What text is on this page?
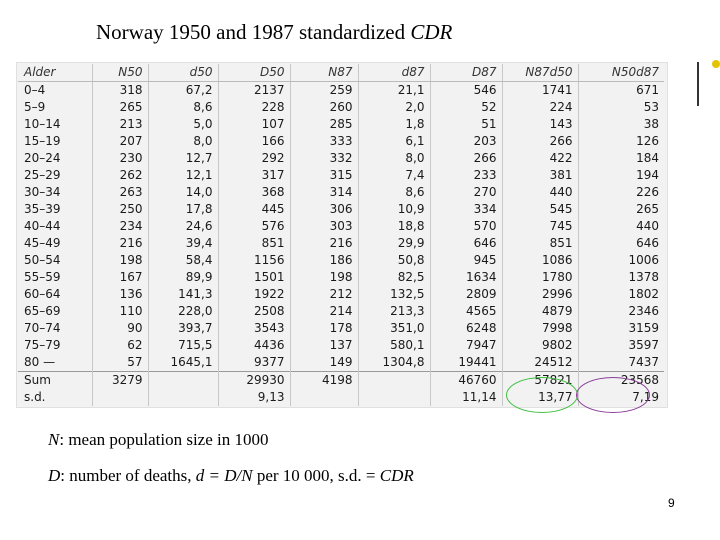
Norway 1950 and 1987 standardized CDR
Alder	N50	d50	D50	N87	d87	D87	N87d50	N50d87
0–4	318	67,2	2137	259	21,1	546	1741	671
5–9	265	8,6	228	260	2,0	52	224	53
10–14	213	5,0	107	285	1,8	51	143	38
15–19	207	8,0	166	333	6,1	203	266	126
20–24	230	12,7	292	332	8,0	266	422	184
25–29	262	12,1	317	315	7,4	233	381	194
30–34	263	14,0	368	314	8,6	270	440	226
35–39	250	17,8	445	306	10,9	334	545	265
40–44	234	24,6	576	303	18,8	570	745	440
45–49	216	39,4	851	216	29,9	646	851	646
50–54	198	58,4	1156	186	50,8	945	1086	1006
55–59	167	89,9	1501	198	82,5	1634	1780	1378
60–64	136	141,3	1922	212	132,5	2809	2996	1802
65–69	110	228,0	2508	214	213,3	4565	4879	2346
70–74	90	393,7	3543	178	351,0	6248	7998	3159
75–79	62	715,5	4436	137	580,1	7947	9802	3597
80 —	57	1645,1	9377	149	1304,8	19441	24512	7437
Sum	3279		29930	4198		46760	57821	23568
s.d.			9,13			11,14	13,77	7,19
N: mean population size in 1000
D: number of deaths, d = D/N per 10 000, s.d. = CDR
9
